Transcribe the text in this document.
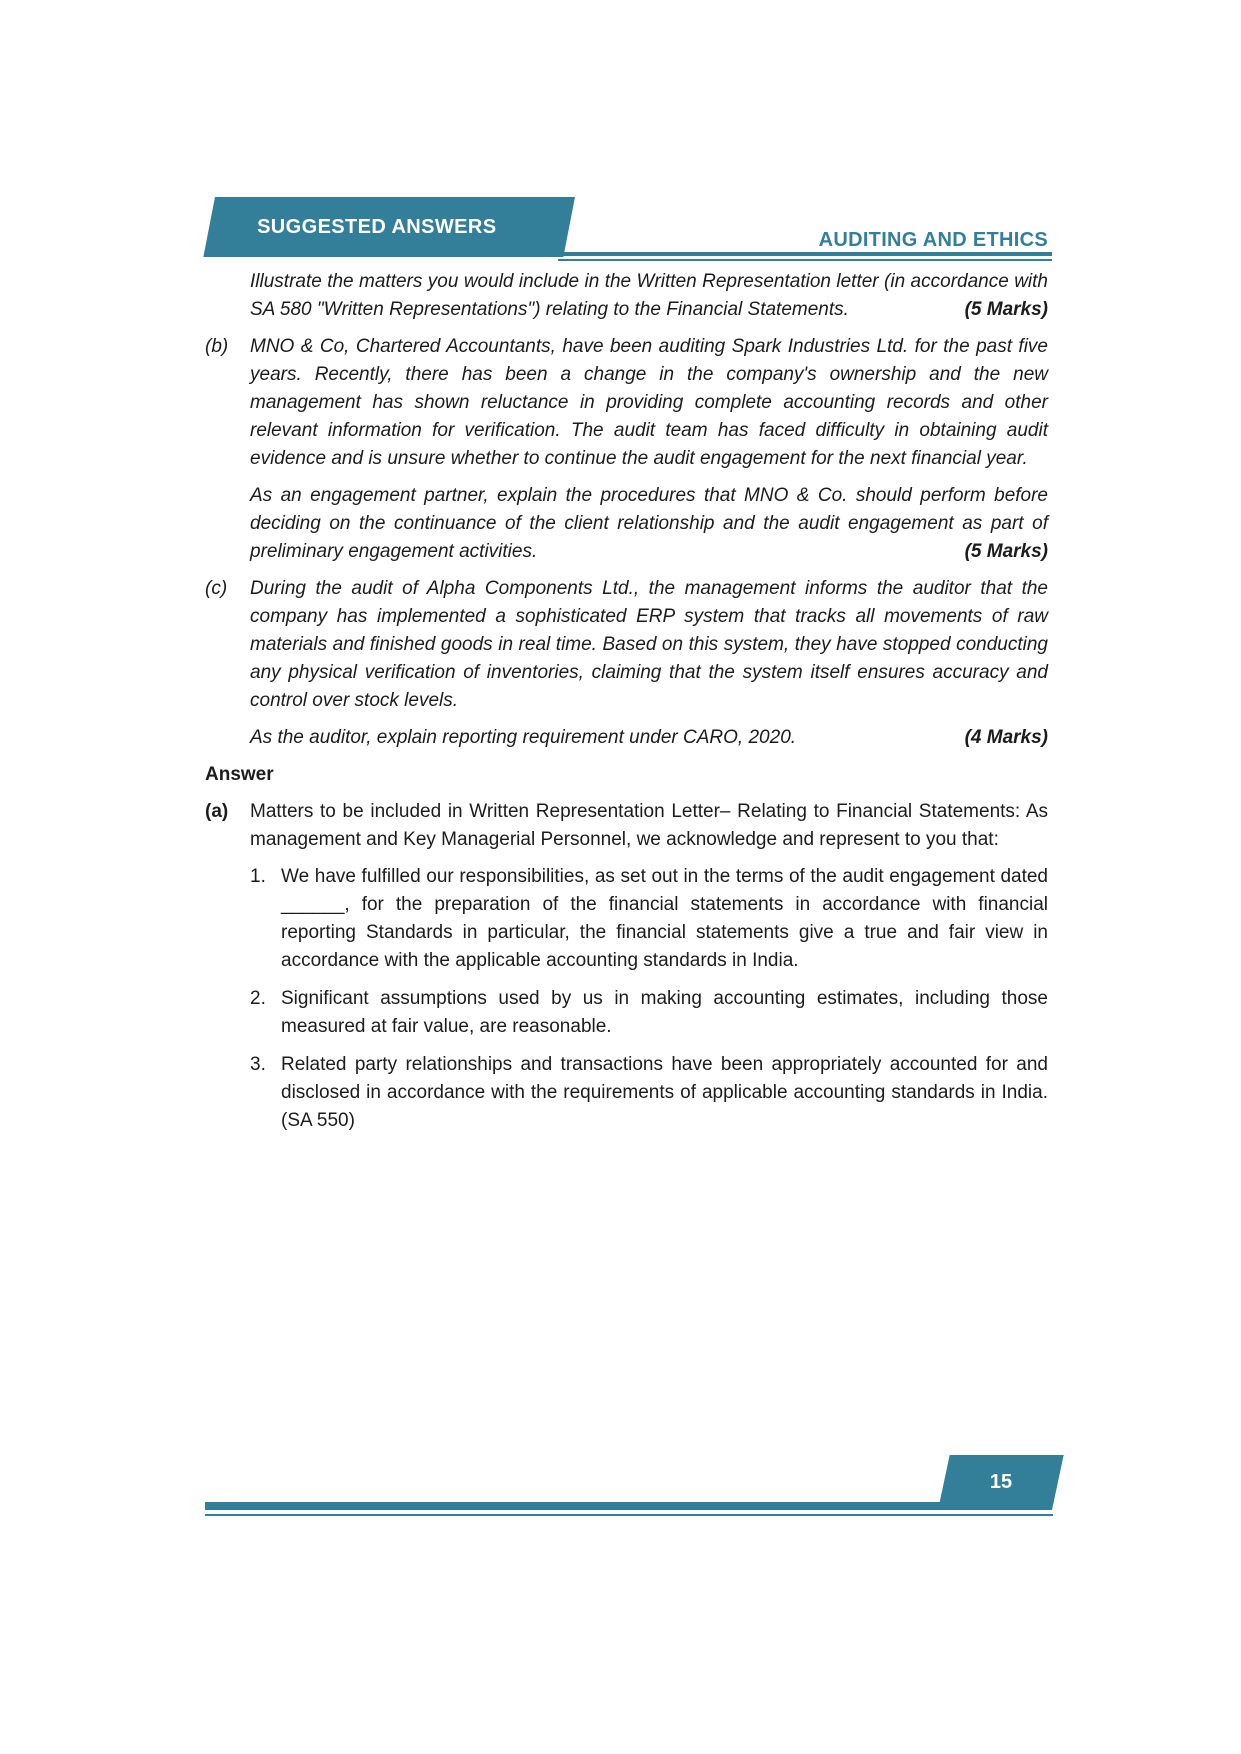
SUGGESTED ANSWERS
AUDITING AND ETHICS
Illustrate the matters you would include in the Written Representation letter (in accordance with SA 580 "Written Representations") relating to the Financial Statements.	(5 Marks)
(b) MNO & Co, Chartered Accountants, have been auditing Spark Industries Ltd. for the past five years. Recently, there has been a change in the company's ownership and the new management has shown reluctance in providing complete accounting records and other relevant information for verification. The audit team has faced difficulty in obtaining audit evidence and is unsure whether to continue the audit engagement for the next financial year.
As an engagement partner, explain the procedures that MNO & Co. should perform before deciding on the continuance of the client relationship and the audit engagement as part of preliminary engagement activities.	(5 Marks)
(c) During the audit of Alpha Components Ltd., the management informs the auditor that the company has implemented a sophisticated ERP system that tracks all movements of raw materials and finished goods in real time. Based on this system, they have stopped conducting any physical verification of inventories, claiming that the system itself ensures accuracy and control over stock levels.
As the auditor, explain reporting requirement under CARO, 2020.	(4 Marks)
Answer
(a) Matters to be included in Written Representation Letter– Relating to Financial Statements: As management and Key Managerial Personnel, we acknowledge and represent to you that:
1. We have fulfilled our responsibilities, as set out in the terms of the audit engagement dated ______, for the preparation of the financial statements in accordance with financial reporting Standards in particular, the financial statements give a true and fair view in accordance with the applicable accounting standards in India.
2. Significant assumptions used by us in making accounting estimates, including those measured at fair value, are reasonable.
3. Related party relationships and transactions have been appropriately accounted for and disclosed in accordance with the requirements of applicable accounting standards in India. (SA 550)
15
